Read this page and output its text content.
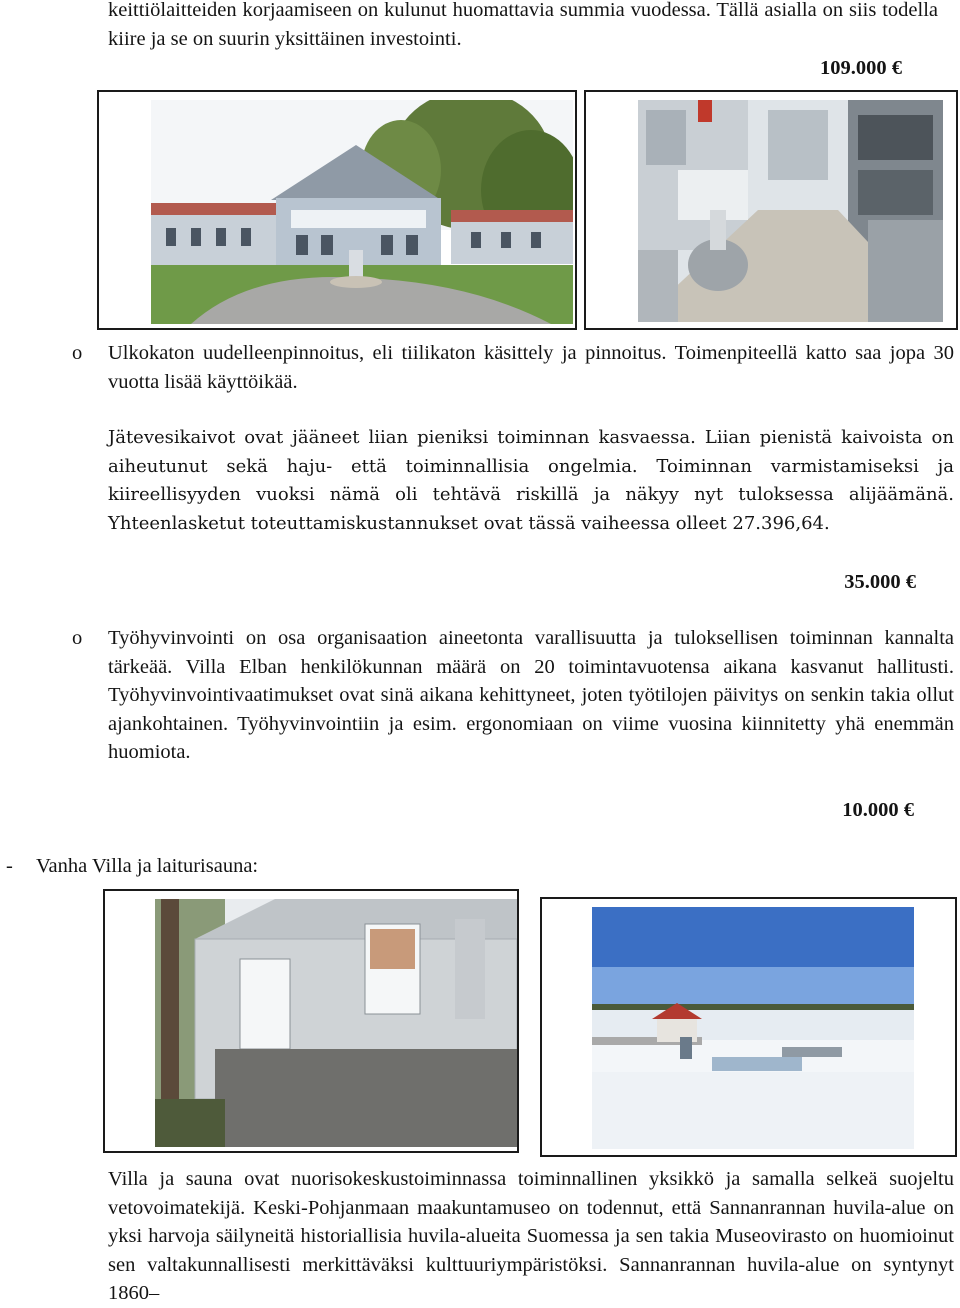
keittiölaitteiden korjaamiseen on kulunut huomattavia summia vuodessa. Tällä asialla on siis todella kiire ja se on suurin yksittäinen investointi.
109.000 €
o Ulkokaton uudelleenpinnoitus, eli tiilikaton käsittely ja pinnoitus. Toimenpiteellä katto saa jopa 30 vuotta lisää käyttöikää.
Jätevesikaivot ovat jääneet liian pieniksi toiminnan kasvaessa. Liian pienistä kaivoista on aiheutunut sekä haju- että toiminnallisia ongelmia. Toiminnan varmistamiseksi ja kiireellisyyden vuoksi nämä oli tehtävä riskillä ja näkyy nyt tuloksessa alijäämänä. Yhteenlasketut toteuttamiskustannukset ovat tässä vaiheessa olleet 27.396,64.
35.000 €
o Työhyvinvointi on osa organisaation aineetonta varallisuutta ja tuloksellisen toiminnan kannalta tärkeää. Villa Elban henkilökunnan määrä on 20 toimintavuotensa aikana kasvanut hallitusti. Työhyvinvointivaatimukset ovat sinä aikana kehittyneet, joten työtilojen päivitys on senkin takia ollut ajankohtainen. Työhyvinvointiin ja esim. ergonomiaan on viime vuosina kiinnitetty yhä enemmän huomiota.
10.000 €
- Vanha Villa ja laiturisauna:
Villa ja sauna ovat nuorisokeskustoiminnassa toiminnallinen yksikkö ja samalla selkeä suojeltu vetovoimatekijä. Keski-Pohjanmaan maakuntamuseo on todennut, että Sannanrannan huvila-alue on yksi harvoja säilyneitä historiallisia huvila-alueita Suomessa ja sen takia Museovirasto on huomioinut sen valtakunnallisesti merkittäväksi kulttuuriympäristöksi. Sannanrannan huvila-alue on syntynyt 1860–
